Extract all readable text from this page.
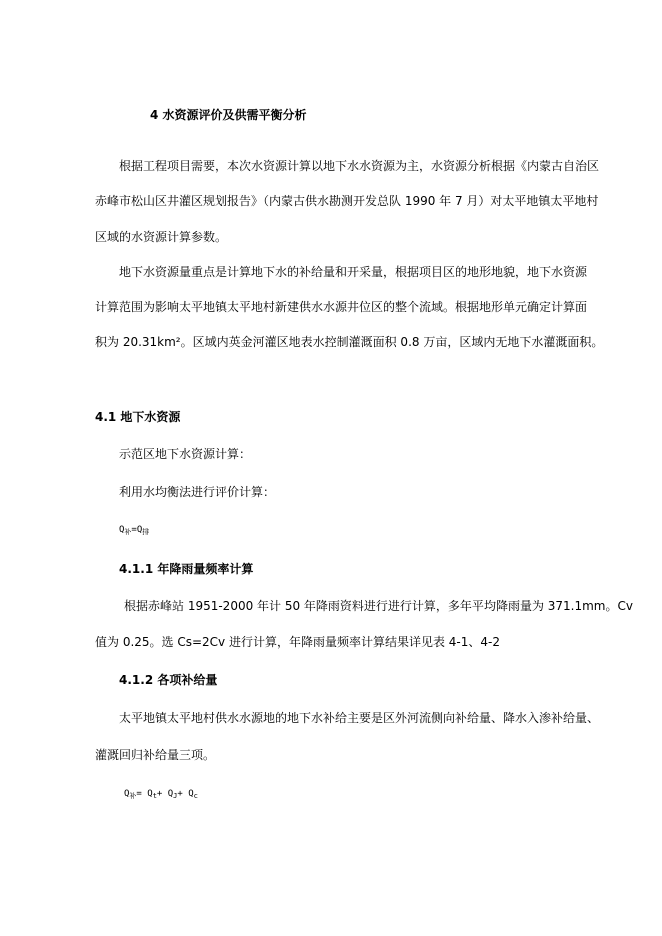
4 水资源评价及供需平衡分析
根据工程项目需要，本次水资源计算以地下水水资源为主，水资源分析根据《内蒙古自治区
赤峰市松山区井灌区规划报告》（内蒙古供水勘测开发总队 1990 年 7 月）对太平地镇太平地村
区域的水资源计算参数。
地下水资源量重点是计算地下水的补给量和开采量，根据项目区的地形地貌，地下水资源
计算范围为影响太平地镇太平地村新建供水水源井位区的整个流域。根据地形单元确定计算面
积为 20.31km²。区域内英金河灌区地表水控制灌溉面积 0.8 万亩，区域内无地下水灌溉面积。
4.1 地下水资源
示范区地下水资源计算：
利用水均衡法进行评价计算：
$Q_补=Q_排$
4.1.1 年降雨量频率计算
根据赤峰站 1951-2000 年计 50 年降雨资料进行进行计算，多年平均降雨量为 371.1mm。Cv
值为 0.25。选 Cs=2Cv 进行计算，年降雨量频率计算结果详见表 4-1、4-2
4.1.2 各项补给量
太平地镇太平地村供水水源地的地下水补给主要是区外河流侧向补给量、降水入渗补给量、
灌溉回归补给量三项。
$Q_补= Q_t+ Q_J+ Q_c$
